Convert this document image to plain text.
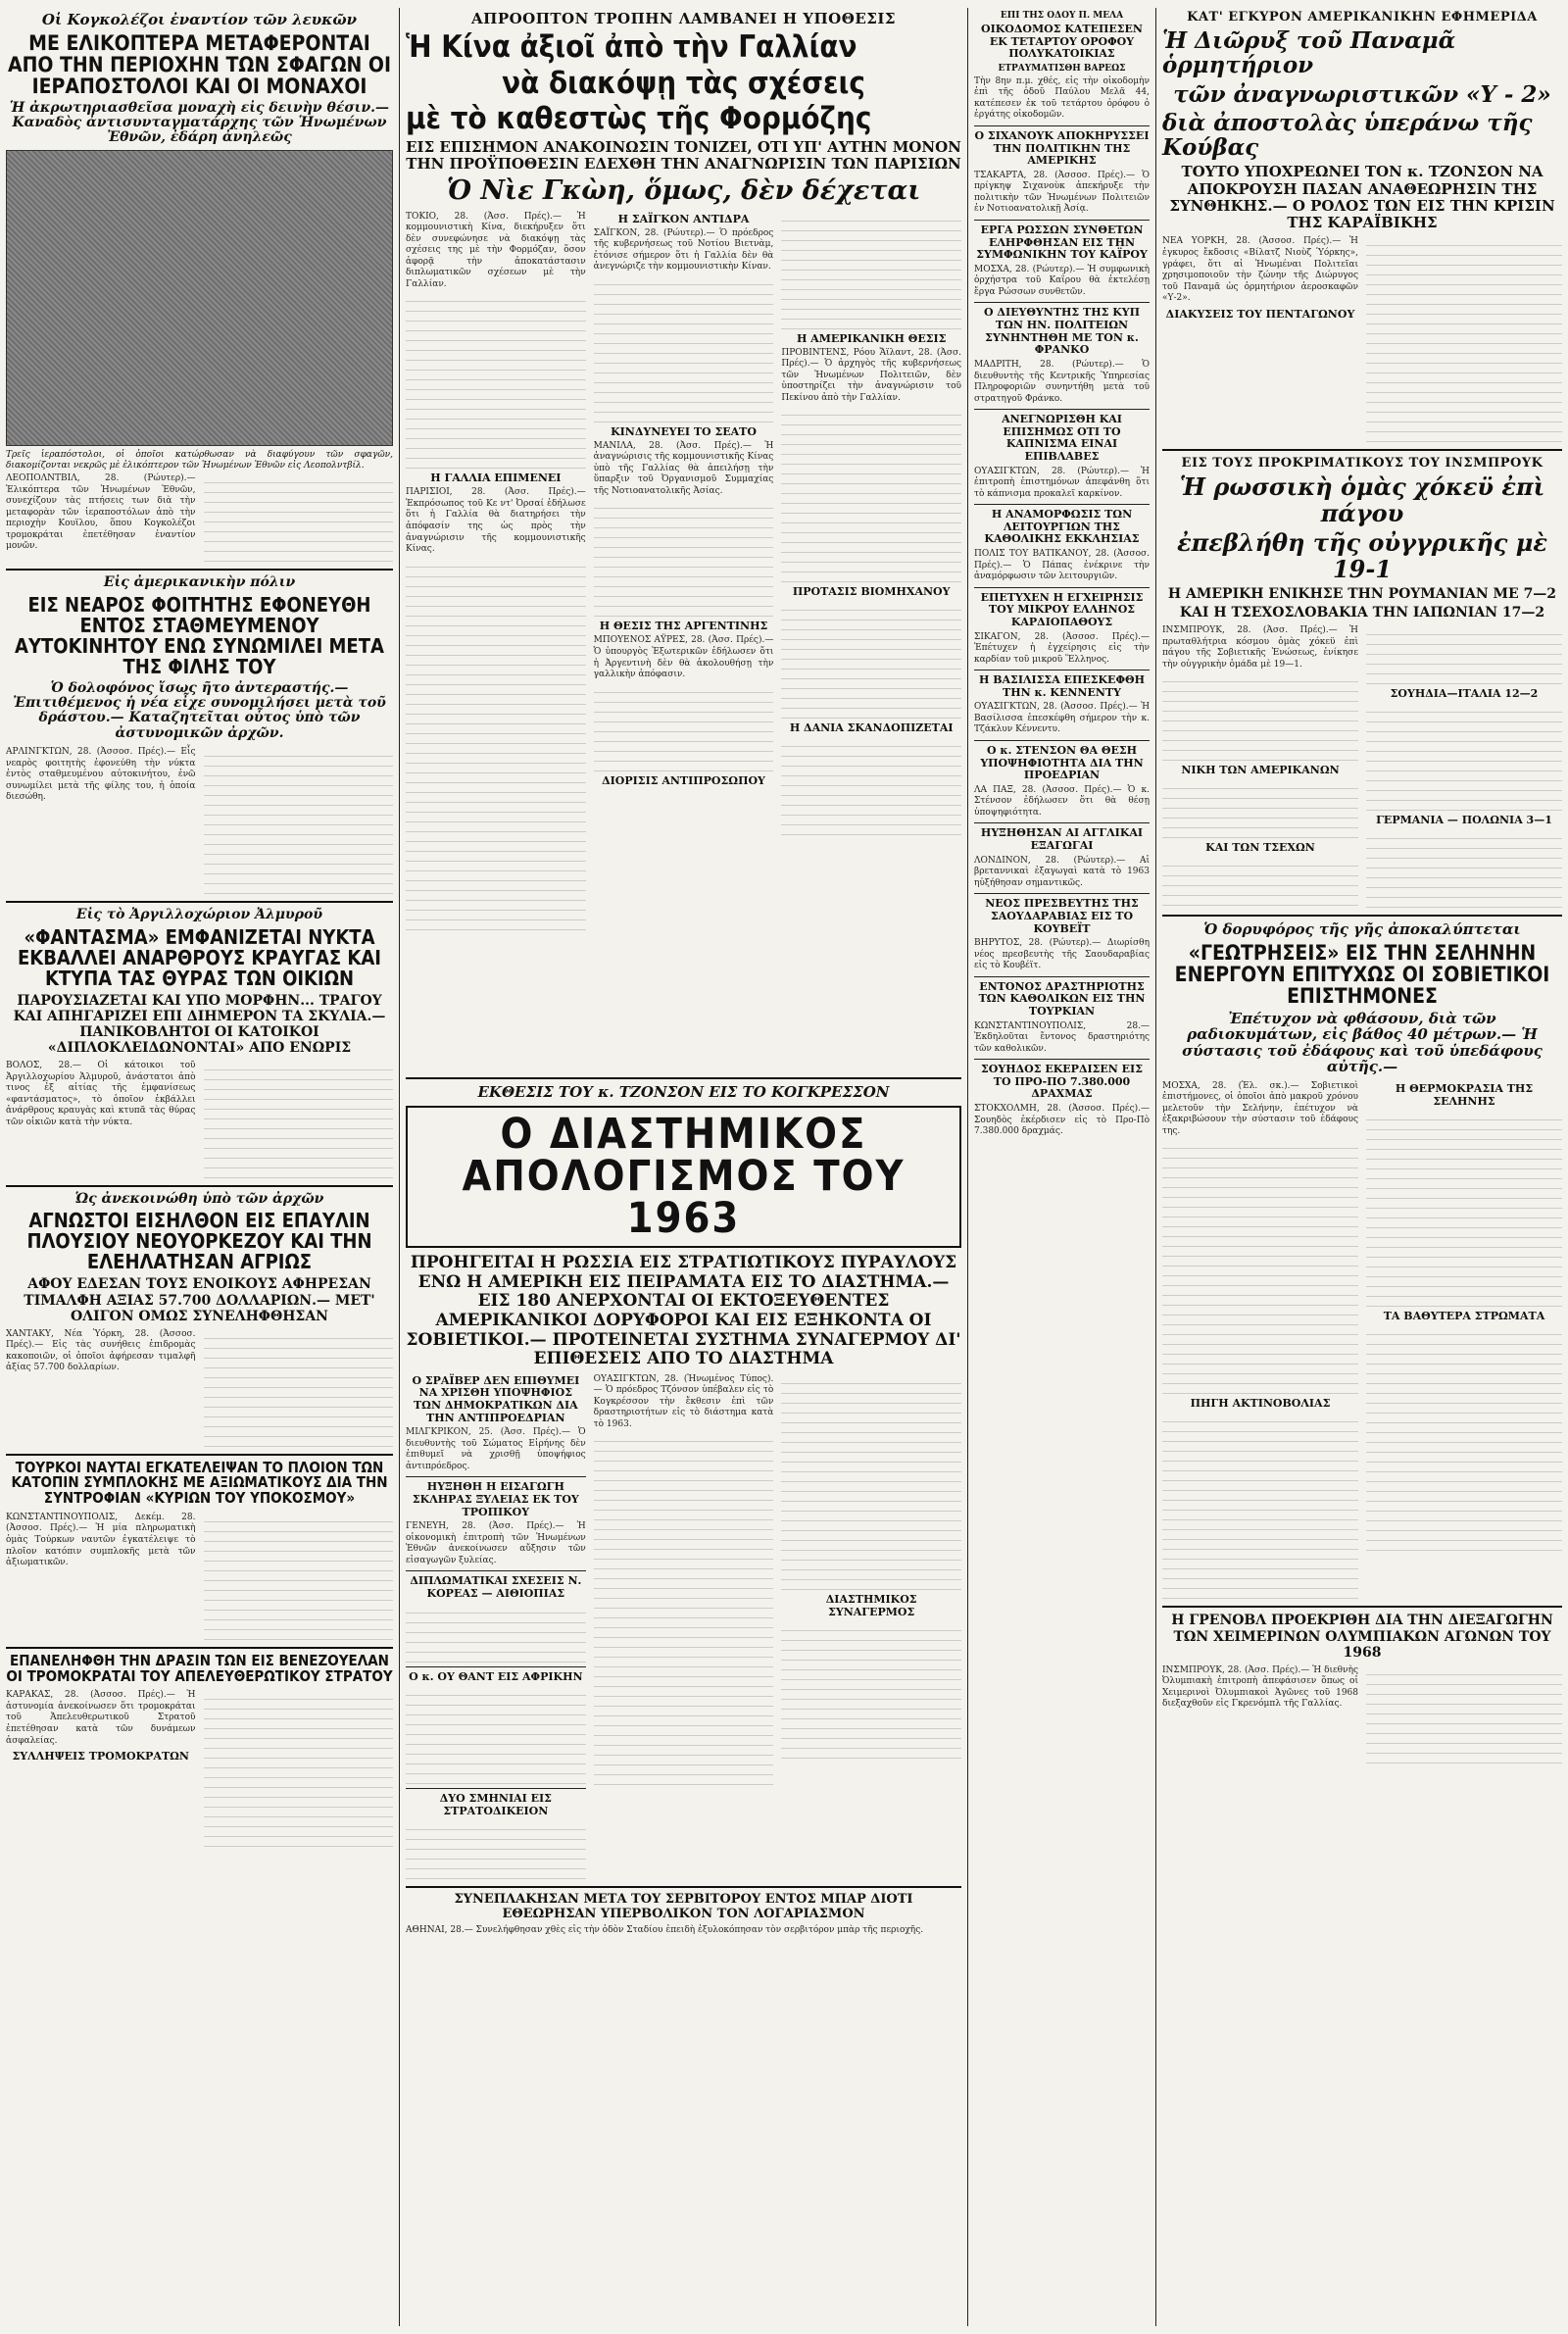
Οἱ Κογκολέζοι ἐναντίον τῶν λευκῶν
ΜΕ ΕΛΙΚΟΠΤΕΡΑ ΜΕΤΑΦΕΡΟΝΤΑΙ ΑΠΟ ΤΗΝ ΠΕΡΙΟΧΗΝ ΤΩΝ ΣΦΑΓΩΝ ΟΙ ΙΕΡΑΠΟΣΤΟΛΟΙ ΚΑΙ ΟΙ ΜΟΝΑΧΟΙ
Ἡ ἀκρωτηριασθεῖσα μοναχὴ εἰς δεινὴν θέσιν.— Καναδὸς ἀντισυνταγματάρχης τῶν Ἡνωμένων Ἐθνῶν, ἐδάρη ἀνηλεῶς
Τρεῖς ἱεραπόστολοι, οἱ ὁποῖοι κατώρθωσαν νὰ διαφύγουν τῶν σφαγῶν, διακομίζονται νεκρῶς μὲ ἐλικόπτερον τῶν Ἡνωμένων Ἐθνῶν εἰς Λεοπολντβίλ.
ΛΕΟΠΟΛΝΤΒΙΛ, 28. (Ρώυτερ).— Ἐλικόπτερα τῶν Ἡνωμένων Ἐθνῶν, συνεχίζουν τὰς πτήσεις των διὰ τὴν μεταφορὰν τῶν ἱεραποστόλων ἀπὸ τὴν περιοχὴν Κουϊλου, ὅπου Κογκολέζοι τρομοκράται ἐπετέθησαν ἐναντίον μονῶν.
Εἰς ἀμερικανικὴν πόλιν
ΕΙΣ ΝΕΑΡΟΣ ΦΟΙΤΗΤΗΣ ΕΦΟΝΕΥΘΗ ΕΝΤΟΣ ΣΤΑΘΜΕΥΜΕΝΟΥ ΑΥΤΟΚΙΝΗΤΟΥ ΕΝΩ ΣΥΝΩΜΙΛΕΙ ΜΕΤΑ ΤΗΣ ΦΙΛΗΣ ΤΟΥ
Ὁ δολοφόνος ἴσως ῆτο ἀντεραστής.— Ἐπιτιθέμενος ἡ νέα εἶχε συνομιλήσει μετὰ τοῦ δράστου.— Καταζητεῖται οὗτος ὑπὸ τῶν ἀστυνομικῶν ἀρχῶν.
ΑΡΛΙΝΓΚΤΩΝ, 28. (Ἀσσοσ. Πρές).— Εἷς νεαρὸς φοιτητὴς ἐφονεύθη τὴν νύκτα ἐντὸς σταθμευμένου αὐτοκινήτου, ἐνῶ συνωμίλει μετὰ τῆς φίλης του, ἡ ὁποία διεσώθη.
Εἰς τὸ Ἀργιλλοχώριον Ἀλμυροῦ
«ΦΑΝΤΑΣΜΑ» ΕΜΦΑΝΙΖΕΤΑΙ ΝΥΚΤΑ ΕΚΒΑΛΛΕΙ ΑΝΑΡΘΡΟΥΣ ΚΡΑΥΓΑΣ ΚΑΙ ΚΤΥΠΑ ΤΑΣ ΘΥΡΑΣ ΤΩΝ ΟΙΚΙΩΝ
ΠΑΡΟΥΣΙΑΖΕΤΑΙ ΚΑΙ ΥΠΟ ΜΟΡΦΗΝ... ΤΡΑΓΟΥ ΚΑΙ ΑΠΗΓΑΡΙΖΕΙ ΕΠΙ ΔΙΗΜΕΡΟΝ ΤΑ ΣΚΥΛΙΑ.— ΠΑΝΙΚΟΒΛΗΤΟΙ ΟΙ ΚΑΤΟΙΚΟΙ «ΔΙΠΛΟΚΛΕΙΔΩΝΟΝΤΑΙ» ΑΠΟ ΕΝΩΡΙΣ
ΒΟΛΟΣ, 28.— Οἱ κάτοικοι τοῦ Ἀργιλλοχωρίου Ἀλμυροῦ, ἀνάστατοι ἀπὸ τινος ἐξ αἰτίας τῆς ἐμφανίσεως «φαντάσματος», τὸ ὁποῖον ἐκβάλλει ἀνάρθρους κραυγὰς καὶ κτυπᾶ τὰς θύρας τῶν οἰκιῶν κατὰ τὴν νύκτα.
Ὡς ἀνεκοινώθη ὑπὸ τῶν ἀρχῶν
ΑΓΝΩΣΤΟΙ ΕΙΣΗΛΘΟΝ ΕΙΣ ΕΠΑΥΛΙΝ ΠΛΟΥΣΙΟΥ ΝΕΟΥΟΡΚΕΖΟΥ ΚΑΙ ΤΗΝ ΕΛΕΗΛΑΤΗΣΑΝ ΑΓΡΙΩΣ
ΑΦΟΥ ΕΔΕΣΑΝ ΤΟΥΣ ΕΝΟΙΚΟΥΣ ΑΦΗΡΕΣΑΝ ΤΙΜΑΛΦΗ ΑΞΙΑΣ 57.700 ΔΟΛΛΑΡΙΩΝ.— ΜΕΤ' ΟΛΙΓΟΝ ΟΜΩΣ ΣΥΝΕΛΗΦΘΗΣΑΝ
ΧΑΝΤΑΚΥ, Νέα Ὑόρκη, 28. (Ἀσσοσ. Πρές).— Εἰς τὰς συνήθεις ἐπιδρομὰς κακοποιῶν, οἱ ὁποῖοι ἀφήρεσαν τιμαλφῆ ἀξίας 57.700 δολλαρίων.
ΤΟΥΡΚΟΙ ΝΑΥΤΑΙ ΕΓΚΑΤΕΛΕΙΨΑΝ ΤΟ ΠΛΟΙΟΝ ΤΩΝ ΚΑΤΟΠΙΝ ΣΥΜΠΛΟΚΗΣ ΜΕ ΑΞΙΩΜΑΤΙΚΟΥΣ ΔΙΑ ΤΗΝ ΣΥΝΤΡΟΦΙΑΝ «ΚΥΡΙΩΝ ΤΟΥ ΥΠΟΚΟΣΜΟΥ»
ΚΩΝΣΤΑΝΤΙΝΟΥΠΟΛΙΣ, Δεκέμ. 28. (Ἀσσοσ. Πρές).— Ἡ μία πληρωματικὴ ὁμὰς Τούρκων ναυτῶν ἐγκατέλειψε τὸ πλοῖον κατόπιν συμπλοκῆς μετὰ τῶν ἀξιωματικῶν.
ΕΠΑΝΕΛΗΦΘΗ ΤΗΝ ΔΡΑΣΙΝ ΤΩΝ ΕΙΣ ΒΕΝΕΖΟΥΕΛΑΝ ΟΙ ΤΡΟΜΟΚΡΑΤΑΙ ΤΟΥ ΑΠΕΛΕΥΘΕΡΩΤΙΚΟΥ ΣΤΡΑΤΟΥ
ΚΑΡΑΚΑΣ, 28. (Ἀσσοσ. Πρές).— Ἡ ἀστυνομία ἀνεκοίνωσεν ὅτι τρομοκράται τοῦ Ἀπελευθερωτικοῦ Στρατοῦ ἐπετέθησαν κατὰ τῶν δυνάμεων ἀσφαλείας.
ΣΥΛΛΗΨΕΙΣ ΤΡΟΜΟΚΡΑΤΩΝ
ΑΠΡΟΟΠΤΟΝ ΤΡΟΠΗΝ ΛΑΜΒΑΝΕΙ Η ΥΠΟΘΕΣΙΣ
Ἡ Κίνα ἀξιοῖ ἀπὸ τὴν Γαλλίαν
νὰ διακόψῃ τὰς σχέσεις
μὲ τὸ καθεστὼς τῆς Φορμόζης
ΕΙΣ ΕΠΙΣΗΜΟΝ ΑΝΑΚΟΙΝΩΣΙΝ ΤΟΝΙΖΕΙ, ΟΤΙ ΥΠ' ΑΥΤΗΝ ΜΟΝΟΝ ΤΗΝ ΠΡΟΫΠΟΘΕΣΙΝ ΕΔΕΧΘΗ ΤΗΝ ΑΝΑΓΝΩΡΙΣΙΝ ΤΩΝ ΠΑΡΙΣΙΩΝ
Ὁ Νὶε Γκὼη, ὅμως, δὲν δέχεται
ΤΟΚΙΟ, 28. (Ἀσσ. Πρές).— Ἡ κομμουνιστικὴ Κίνα, διεκήρυξεν ὅτι δὲν συνεφώνησε νὰ διακόψῃ τὰς σχέσεις της μὲ τὴν Φορμόζαν, ὅσον ἀφορᾷ τὴν ἀποκατάστασιν διπλωματικῶν σχέσεων μὲ τὴν Γαλλίαν.
Η ΓΑΛΛΙΑ ΕΠΙΜΕΝΕΙ
ΠΑΡΙΣΙΟΙ, 28. (Ἀσσ. Πρές).— Ἐκπρόσωπος τοῦ Κε ντ' Ὀρσαί ἐδήλωσε ὅτι ἡ Γαλλία θὰ διατηρήσει τὴν ἀπόφασίν της ὡς πρὸς τὴν ἀναγνώρισιν τῆς κομμουνιστικῆς Κίνας.
Η ΣΑΪΓΚΟΝ ΑΝΤΙΔΡΑ
ΣΑΪΓΚΟΝ, 28. (Ρώυτερ).— Ὁ πρόεδρος τῆς κυβερνήσεως τοῦ Νοτίου Βιετνὰμ, ἐτόνισε σήμερον ὅτι ἡ Γαλλία δὲν θὰ ἀνεγνώριζε τὴν κομμουνιστικὴν Κίναν.
ΚΙΝΔΥΝΕΥΕΙ ΤΟ ΣΕΑΤΟ
ΜΑΝΙΛΑ, 28. (Ἀσσ. Πρές).— Ἡ ἀναγνώρισις τῆς κομμουνιστικῆς Κίνας ὑπὸ τῆς Γαλλίας θὰ ἀπειλήσῃ τὴν ὕπαρξιν τοῦ Ὀργανισμοῦ Συμμαχίας τῆς Νοτιοανατολικῆς Ἀσίας.
Η ΘΕΣΙΣ ΤΗΣ ΑΡΓΕΝΤΙΝΗΣ
ΜΠΟΥΕΝΟΣ ΑΫΡΕΣ, 28. (Ἀσσ. Πρές).— Ὁ ὑπουργὸς Ἐξωτερικῶν ἐδήλωσεν ὅτι ἡ Ἀργεντινὴ δὲν θὰ ἀκολουθήσῃ τὴν γαλλικὴν ἀπόφασιν.
ΔΙΟΡΙΣΙΣ ΑΝΤΙΠΡΟΣΩΠΟΥ
Η ΑΜΕΡΙΚΑΝΙΚΗ ΘΕΣΙΣ
ΠΡΟΒΙΝΤΕΝΣ, Ρόου Ἄϊλαντ, 28. (Ἀσσ. Πρές).— Ὁ ἀρχηγὸς τῆς κυβερνήσεως τῶν Ἡνωμένων Πολιτειῶν, δὲν ὑποστηρίζει τὴν ἀναγνώρισιν τοῦ Πεκίνου ἀπὸ τὴν Γαλλίαν.
ΠΡΟΤΑΣΙΣ ΒΙΟΜΗΧΑΝΟΥ
Η ΔΑΝΙΑ ΣΚΑΝΔΟΠΙΖΕΤΑΙ
ΕΚΘΕΣΙΣ ΤΟΥ κ. ΤΖΟΝΣΟΝ ΕΙΣ ΤΟ ΚΟΓΚΡΕΣΣΟΝ
Ο ΔΙΑΣΤΗΜΙΚΟΣ ΑΠΟΛΟΓΙΣΜΟΣ ΤΟΥ 1963
ΠΡΟΗΓΕΙΤΑΙ Η ΡΩΣΣΙΑ ΕΙΣ ΣΤΡΑΤΙΩΤΙΚΟΥΣ ΠΥΡΑΥΛΟΥΣ ΕΝΩ Η ΑΜΕΡΙΚΗ ΕΙΣ ΠΕΙΡΑΜΑΤΑ ΕΙΣ ΤΟ ΔΙΑΣΤΗΜΑ.— ΕΙΣ 180 ΑΝΕΡΧΟΝΤΑΙ ΟΙ ΕΚΤΟΞΕΥΘΕΝΤΕΣ ΑΜΕΡΙΚΑΝΙΚΟΙ ΔΟΡΥΦΟΡΟΙ ΚΑΙ ΕΙΣ ΕΞΗΚΟΝΤΑ ΟΙ ΣΟΒΙΕΤΙΚΟΙ.— ΠΡΟΤΕΙΝΕΤΑΙ ΣΥΣΤΗΜΑ ΣΥΝΑΓΕΡΜΟΥ ΔΙ' ΕΠΙΘΕΣΕΙΣ ΑΠΟ ΤΟ ΔΙΑΣΤΗΜΑ
Ο ΣΡΑΪΒΕΡ ΔΕΝ ΕΠΙΘΥΜΕΙ ΝΑ ΧΡΙΣΘΗ ΥΠΟΨΗΦΙΟΣ ΤΩΝ ΔΗΜΟΚΡΑΤΙΚΩΝ ΔΙΑ ΤΗΝ ΑΝΤΙΠΡΟΕΔΡΙΑΝ
ΜΙΛΓΚΡΙΚΟΝ, 25. (Ἀσσ. Πρές).— Ὁ διευθυντὴς τοῦ Σώματος Εἰρήνης δὲν ἐπιθυμεῖ νὰ χρισθῇ ὑποψήφιος ἀντιπρόεδρος.
ΗΥΞΗΘΗ Η ΕΙΣΑΓΩΓΗ ΣΚΛΗΡΑΣ ΞΥΛΕΙΑΣ ΕΚ ΤΟΥ ΤΡΟΠΙΚΟΥ
ΓΕΝΕΥΗ, 28. (Ἀσσ. Πρές).— Ἡ οἰκονομικὴ ἐπιτροπὴ τῶν Ἡνωμένων Ἐθνῶν ἀνεκοίνωσεν αὔξησιν τῶν εἰσαγωγῶν ξυλείας.
ΔΙΠΛΩΜΑΤΙΚΑΙ ΣΧΕΣΕΙΣ Ν. ΚΟΡΕΑΣ — ΑΙΘΙΟΠΙΑΣ
Ο κ. ΟΥ ΘΑΝΤ ΕΙΣ ΑΦΡΙΚΗΝ
ΔΥΟ ΣΜΗΝΙΑΙ ΕΙΣ ΣΤΡΑΤΟΔΙΚΕΙΟΝ
ΟΥΑΣΙΓΚΤΩΝ, 28. (Ἡνωμένος Τύπος).— Ὁ πρόεδρος Τζόνσον ὑπέβαλεν εἰς τὸ Κογκρέσσον τὴν ἔκθεσιν ἐπὶ τῶν δραστηριοτήτων εἰς τὸ διάστημα κατὰ τὸ 1963.
ΔΙΑΣΤΗΜΙΚΟΣ ΣΥΝΑΓΕΡΜΟΣ
ΣΥΝΕΠΛΑΚΗΣΑΝ ΜΕΤΑ ΤΟΥ ΣΕΡΒΙΤΟΡΟΥ ΕΝΤΟΣ ΜΠΑΡ ΔΙΟΤΙ ΕΘΕΩΡΗΣΑΝ ΥΠΕΡΒΟΛΙΚΟΝ ΤΟΝ ΛΟΓΑΡΙΑΣΜΟΝ
ΑΘΗΝΑΙ, 28.— Συνελήφθησαν χθὲς εἰς τὴν ὁδὸν Σταδίου ἐπειδὴ ἐξυλοκόπησαν τὸν σερβιτόρον μπὰρ τῆς περιοχῆς.
ΕΠΙ ΤΗΣ ΟΔΟΥ Π. ΜΕΛΑ
ΟΙΚΟΔΟΜΟΣ ΚΑΤΕΠΕΣΕΝ ΕΚ ΤΕΤΑΡΤΟΥ ΟΡΟΦΟΥ ΠΟΛΥΚΑΤΟΙΚΙΑΣ
ΕΤΡΑΥΜΑΤΙΣΘΗ ΒΑΡΕΩΣ
Τὴν 8ην π.μ. χθές, εἰς τὴν οἰκοδομὴν ἐπὶ τῆς ὁδοῦ Παύλου Μελᾶ 44, κατέπεσεν ἐκ τοῦ τετάρτου ὀρόφου ὁ ἐργάτης οἰκοδομῶν.
Ο ΣΙΧΑΝΟΥΚ ΑΠΟΚΗΡΥΣΣΕΙ ΤΗΝ ΠΟΛΙΤΙΚΗΝ ΤΗΣ ΑΜΕΡΙΚΗΣ
ΤΣΑΚΑΡΤΑ, 28. (Ἀσσοσ. Πρές).— Ὁ πρίγκηψ Σιχανοὺκ ἀπεκήρυξε τὴν πολιτικὴν τῶν Ἡνωμένων Πολιτειῶν ἐν Νοτιοανατολικῇ Ἀσίᾳ.
ΕΡΓΑ ΡΩΣΣΩΝ ΣΥΝΘΕΤΩΝ ΕΛΗΡΦΘΗΣΑΝ ΕΙΣ ΤΗΝ ΣΥΜΦΩΝΙΚΗΝ ΤΟΥ ΚΑΪΡΟΥ
ΜΟΣΧΑ, 28. (Ρώυτερ).— Ἡ συμφωνικὴ ὀρχήστρα τοῦ Καΐρου θὰ ἐκτελέσῃ ἔργα Ρώσσων συνθετῶν.
Ο ΔΙΕΥΘΥΝΤΗΣ ΤΗΣ ΚΥΠ ΤΩΝ ΗΝ. ΠΟΛΙΤΕΙΩΝ ΣΥΝΗΝΤΗΘΗ ΜΕ ΤΟΝ κ. ΦΡΑΝΚΟ
ΜΑΔΡΙΤΗ, 28. (Ρώυτερ).— Ὁ διευθυντὴς τῆς Κεντρικῆς Ὑπηρεσίας Πληροφοριῶν συνηντήθη μετὰ τοῦ στρατηγοῦ Φράνκο.
ΑΝΕΓΝΩΡΙΣΘΗ ΚΑΙ ΕΠΙΣΗΜΩΣ ΟΤΙ ΤΟ ΚΑΠΝΙΣΜΑ ΕΙΝΑΙ ΕΠΙΒΛΑΒΕΣ
ΟΥΑΣΙΓΚΤΩΝ, 28. (Ρώυτερ).— Ἡ ἐπιτροπὴ ἐπιστημόνων ἀπεφάνθη ὅτι τὸ κάπνισμα προκαλεῖ καρκίνον.
Η ΑΝΑΜΟΡΦΩΣΙΣ ΤΩΝ ΛΕΙΤΟΥΡΓΙΩΝ ΤΗΣ ΚΑΘΟΛΙΚΗΣ ΕΚΚΛΗΣΙΑΣ
ΠΟΛΙΣ ΤΟΥ ΒΑΤΙΚΑΝΟΥ, 28. (Ἀσσοσ. Πρές).— Ὁ Πάπας ἐνέκρινε τὴν ἀναμόρφωσιν τῶν λειτουργιῶν.
ΕΠΕΤΥΧΕΝ Η ΕΓΧΕΙΡΗΣΙΣ ΤΟΥ ΜΙΚΡΟΥ ΕΛΛΗΝΟΣ ΚΑΡΔΙΟΠΑΘΟΥΣ
ΣΙΚΑΓΟΝ, 28. (Ἀσσοσ. Πρές).— Ἐπέτυχεν ἡ ἐγχείρησις εἰς τὴν καρδίαν τοῦ μικροῦ Ἕλληνος.
Η ΒΑΣΙΛΙΣΣΑ ΕΠΕΣΚΕΦΘΗ ΤΗΝ κ. ΚΕΝΝΕΝΤΥ
ΟΥΑΣΙΓΚΤΩΝ, 28. (Ἀσσοσ. Πρές).— Ἡ Βασίλισσα ἐπεσκέφθη σήμερον τὴν κ. Τζάκλυν Κέννεντυ.
Ο κ. ΣΤΕΝΣΟΝ ΘΑ ΘΕΣΗ ΥΠΟΨΗΦΙΟΤΗΤΑ ΔΙΑ ΤΗΝ ΠΡΟΕΔΡΙΑΝ
ΛΑ ΠΑΞ, 28. (Ἀσσοσ. Πρές).— Ὁ κ. Στένσον ἐδήλωσεν ὅτι θὰ θέσῃ ὑποψηφιότητα.
ΗΥΞΗΘΗΣΑΝ ΑΙ ΑΓΓΛΙΚΑΙ ΕΞΑΓΩΓΑΙ
ΛΟΝΔΙΝΟΝ, 28. (Ρώυτερ).— Αἱ βρεταννικαὶ ἐξαγωγαὶ κατὰ τὸ 1963 ηὐξήθησαν σημαντικῶς.
ΝΕΟΣ ΠΡΕΣΒΕΥΤΗΣ ΤΗΣ ΣΑΟΥΔΑΡΑΒΙΑΣ ΕΙΣ ΤΟ ΚΟΥΒΕΪΤ
ΒΗΡΥΤΟΣ, 28. (Ρώυτερ).— Διωρίσθη νέος πρεσβευτὴς τῆς Σαουδαραβίας εἰς τὸ Κουβέϊτ.
ΕΝΤΟΝΟΣ ΔΡΑΣΤΗΡΙΟΤΗΣ ΤΩΝ ΚΑΘΟΛΙΚΩΝ ΕΙΣ ΤΗΝ ΤΟΥΡΚΙΑΝ
ΚΩΝΣΤΑΝΤΙΝΟΥΠΟΛΙΣ, 28.— Ἐκδηλοῦται ἔντονος δραστηριότης τῶν καθολικῶν.
ΣΟΥΗΔΟΣ ΕΚΕΡΔΙΣΕΝ ΕΙΣ ΤΟ ΠΡΟ-ΠΟ 7.380.000 ΔΡΑΧΜΑΣ
ΣΤΟΚΧΟΛΜΗ, 28. (Ἀσσοσ. Πρές).— Σουηδὸς ἐκέρδισεν εἰς τὸ Προ-Πὸ 7.380.000 δραχμάς.
ΚΑΤ' ΕΓΚΥΡΟΝ ΑΜΕΡΙΚΑΝΙΚΗΝ ΕΦΗΜΕΡΙΔΑ
Ἡ Διῶρυξ τοῦ Παναμᾶ ὁρμητήριον
τῶν ἀναγνωριστικῶν «Υ - 2»
διὰ ἀποστολὰς ὑπεράνω τῆς Κούβας
ΤΟΥΤΟ ΥΠΟΧΡΕΩΝΕΙ ΤΟΝ κ. ΤΖΟΝΣΟΝ ΝΑ ΑΠΟΚΡΟΥΣΗ ΠΑΣΑΝ ΑΝΑΘΕΩΡΗΣΙΝ ΤΗΣ ΣΥΝΘΗΚΗΣ.— Ο ΡΟΛΟΣ ΤΩΝ ΕΙΣ ΤΗΝ ΚΡΙΣΙΝ ΤΗΣ ΚΑΡΑΪΒΙΚΗΣ
ΝΕΑ ΥΟΡΚΗ, 28. (Ἀσσοσ. Πρές).— Ἡ ἐγκυρος ἔκδοσις «Βίλατζ Νιοὺζ Ὑόρκης», γράφει, ὅτι αἱ Ἡνωμέναι Πολιτεῖαι χρησιμοποιοῦν τὴν ζώνην τῆς Διώρυγος τοῦ Παναμᾶ ὡς ὁρμητήριον ἀεροσκαφῶν «Υ-2».
ΔΙΑΚΥΣΕΙΣ ΤΟΥ ΠΕΝΤΑΓΩΝΟΥ
ΕΙΣ ΤΟΥΣ ΠΡΟΚΡΙΜΑΤΙΚΟΥΣ ΤΟΥ ΙΝΣΜΠΡΟΥΚ
Ἡ ρωσσικὴ ὁμὰς χόκεϋ ἐπὶ πάγου
ἐπεβλήθη τῆς οὐγγρικῆς μὲ 19-1
Η ΑΜΕΡΙΚΗ ΕΝΙΚΗΣΕ ΤΗΝ ΡΟΥΜΑΝΙΑΝ ΜΕ 7—2
ΚΑΙ Η ΤΣΕΧΟΣΛΟΒΑΚΙΑ ΤΗΝ ΙΑΠΩΝΙΑΝ 17—2
ΙΝΣΜΠΡΟΥΚ, 28. (Ἀσσ. Πρές).— Ἡ πρωταθλήτρια κόσμου ὁμὰς χόκεϋ ἐπὶ πάγου τῆς Σοβιετικῆς Ἑνώσεως, ἐνίκησε τὴν οὐγγρικὴν ὁμάδα μὲ 19—1.
ΝΙΚΗ ΤΩΝ ΑΜΕΡΙΚΑΝΩΝ
ΚΑΙ ΤΩΝ ΤΣΕΧΩΝ
ΣΟΥΗΔΙΑ—ΙΤΑΛΙΑ 12—2
ΓΕΡΜΑΝΙΑ — ΠΟΛΩΝΙΑ 3—1
Ὁ δορυφόρος τῆς γῆς ἀποκαλύπτεται
«ΓΕΩΤΡΗΣΕΙΣ» ΕΙΣ ΤΗΝ ΣΕΛΗΝΗΝ ΕΝΕΡΓΟΥΝ ΕΠΙΤΥΧΩΣ ΟΙ ΣΟΒΙΕΤΙΚΟΙ ΕΠΙΣΤΗΜΟΝΕΣ
Ἐπέτυχον νὰ φθάσουν, διὰ τῶν ραδιοκυμάτων, εἰς βάθος 40 μέτρων.— Ἡ σύστασις τοῦ ἐδάφους καὶ τοῦ ὑπεδάφους αὐτῆς.—
ΜΟΣΧΑ, 28. (Ἑλ. σκ.).— Σοβιετικοὶ ἐπιστήμονες, οἱ ὁποῖοι ἀπὸ μακροῦ χρόνου μελετοῦν τὴν Σελήνην, ἐπέτυχον νὰ ἐξακριβώσουν τὴν σύστασιν τοῦ ἐδάφους της.
ΠΗΓΗ ΑΚΤΙΝΟΒΟΛΙΑΣ
Η ΘΕΡΜΟΚΡΑΣΙΑ ΤΗΣ ΣΕΛΗΝΗΣ
ΤΑ ΒΑΘΥΤΕΡΑ ΣΤΡΩΜΑΤΑ
Η ΓΡΕΝΟΒΛ ΠΡΟΕΚΡΙΘΗ ΔΙΑ ΤΗΝ ΔΙΕΞΑΓΩΓΗΝ ΤΩΝ ΧΕΙΜΕΡΙΝΩΝ ΟΛΥΜΠΙΑΚΩΝ ΑΓΩΝΩΝ ΤΟΥ 1968
ΙΝΣΜΠΡΟΥΚ, 28. (Ἀσσ. Πρές).— Ἡ διεθνὴς Ὀλυμπιακὴ ἐπιτροπὴ ἀπεφάσισεν ὅπως οἱ Χειμερινοὶ Ὀλυμπιακοὶ Ἀγῶνες τοῦ 1968 διεξαχθοῦν εἰς Γκρενόμπλ τῆς Γαλλίας.
